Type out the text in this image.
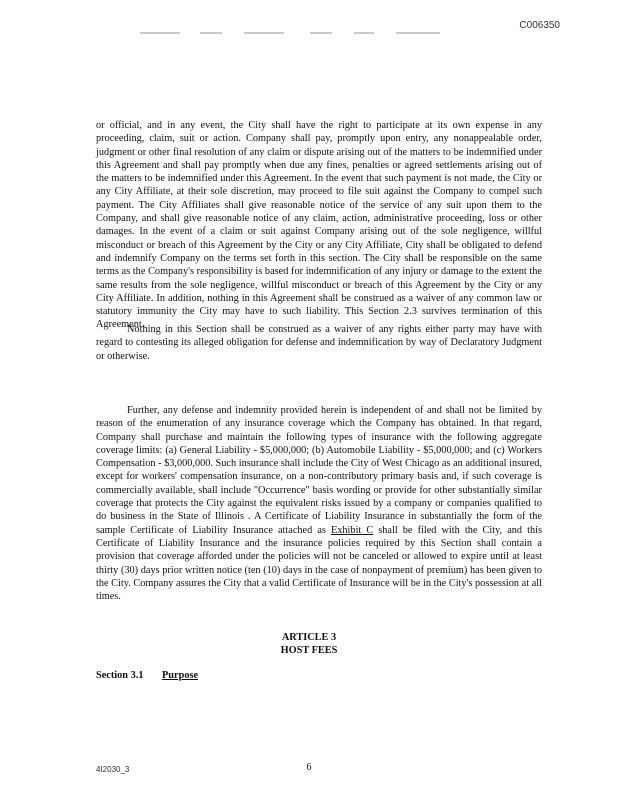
C006350
or official, and in any event, the City shall have the right to participate at its own expense in any proceeding, claim, suit or action. Company shall pay, promptly upon entry, any nonappealable order, judgment or other final resolution of any claim or dispute arising out of the matters to be indemnified under this Agreement and shall pay promptly when due any fines, penalties or agreed settlements arising out of the matters to be indemnified under this Agreement. In the event that such payment is not made, the City or any City Affiliate, at their sole discretion, may proceed to file suit against the Company to compel such payment. The City Affiliates shall give reasonable notice of the service of any suit upon them to the Company, and shall give reasonable notice of any claim, action, administrative proceeding, loss or other damages. In the event of a claim or suit against Company arising out of the sole negligence, willful misconduct or breach of this Agreement by the City or any City Affiliate, City shall be obligated to defend and indemnify Company on the terms set forth in this section. The City shall be responsible on the same terms as the Company's responsibility is based for indemnification of any injury or damage to the extent the same results from the sole negligence, willful misconduct or breach of this Agreement by the City or any City Affiliate. In addition, nothing in this Agreement shall be construed as a waiver of any common law or statutory immunity the City may have to such liability. This Section 2.3 survives termination of this Agreement.
Nothing in this Section shall be construed as a waiver of any rights either party may have with regard to contesting its alleged obligation for defense and indemnification by way of Declaratory Judgment or otherwise.
Further, any defense and indemnity provided herein is independent of and shall not be limited by reason of the enumeration of any insurance coverage which the Company has obtained. In that regard, Company shall purchase and maintain the following types of insurance with the following aggregate coverage limits: (a) General Liability - $5,000,000; (b) Automobile Liability - $5,000,000; and (c) Workers Compensation - $3,000,000. Such insurance shall include the City of West Chicago as an additional insured, except for workers' compensation insurance, on a non-contributory primary basis and, if such coverage is commercially available, shall include "Occurrence" basis wording or provide for other substantially similar coverage that protects the City against the equivalent risks issued by a company or companies qualified to do business in the State of Illinois . A Certificate of Liability Insurance in substantially the form of the sample Certificate of Liability Insurance attached as Exhibit C shall be filed with the City, and this Certificate of Liability Insurance and the insurance policies required by this Section shall contain a provision that coverage afforded under the policies will not be canceled or allowed to expire until at least thirty (30) days prior written notice (ten (10) days in the case of nonpayment of premium) has been given to the City. Company assures the City that a valid Certificate of Insurance will be in the City's possession at all times.
ARTICLE 3
HOST FEES
Section 3.1 Purpose
4I2030_3	6
